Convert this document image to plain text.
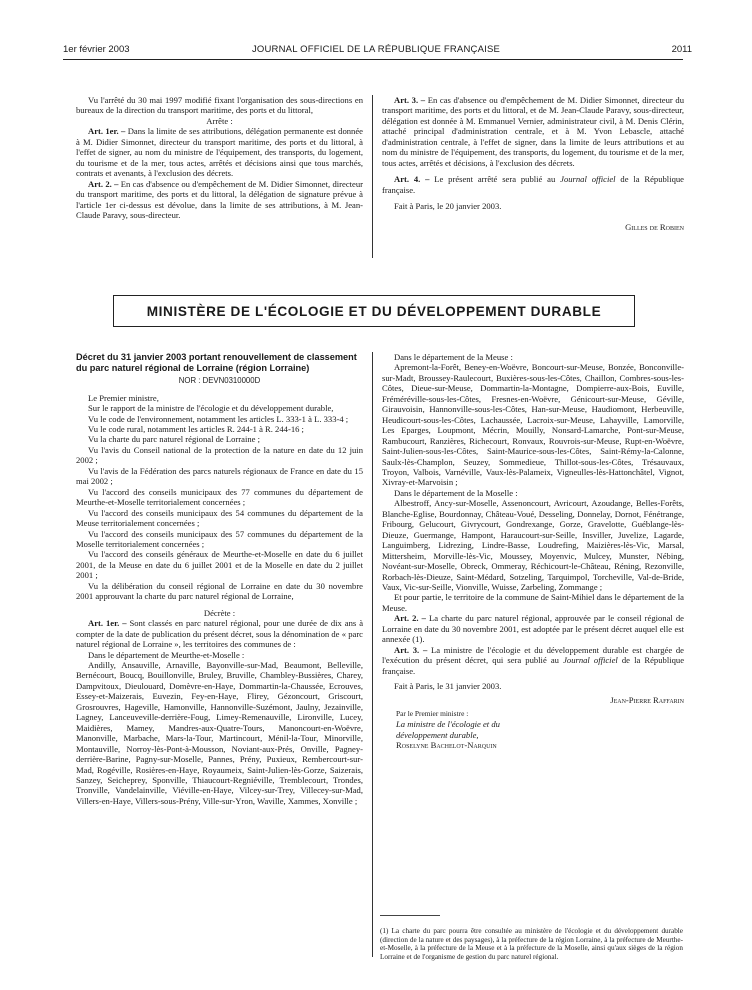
1er février 2003	JOURNAL OFFICIEL DE LA RÉPUBLIQUE FRANÇAISE	2011

Vu l'arrêté du 30 mai 1997 modifié fixant l'organisation des sous-directions en bureaux de la direction du transport maritime, des ports et du littoral,

Arrête :

Art. 1er. – Dans la limite de ses attributions, délégation permanente est donnée à M. Didier Simonnet, directeur du transport maritime, des ports et du littoral, à l'effet de signer, au nom du ministre de l'équipement, des transports, du logement, du tourisme et de la mer, tous actes, arrêtés et décisions ainsi que tous marchés, contrats et avenants, à l'exclusion des décrets.

Art. 2. – En cas d'absence ou d'empêchement de M. Didier Simonnet, directeur du transport maritime, des ports et du littoral, la délégation de signature prévue à l'article 1er ci-dessus est dévolue, dans la limite de ses attributions, à M. Jean-Claude Paravy, sous-directeur.

Art. 3. – En cas d'absence ou d'empêchement de M. Didier Simonnet, directeur du transport maritime, des ports et du littoral, et de M. Jean-Claude Paravy, sous-directeur, délégation est donnée à M. Emmanuel Vernier, administrateur civil, à M. Denis Clérin, attaché principal d'administration centrale, et à M. Yvon Lebascle, attaché d'administration centrale, à l'effet de signer, dans la limite de leurs attributions et au nom du ministre de l'équipement, des transports, du logement, du tourisme et de la mer, tous actes, arrêtés et décisions, à l'exclusion des décrets.

Art. 4. – Le présent arrêté sera publié au Journal officiel de la République française.

Fait à Paris, le 20 janvier 2003.

Gilles de Robien

MINISTÈRE DE L'ÉCOLOGIE ET DU DÉVELOPPEMENT DURABLE

Décret du 31 janvier 2003 portant renouvellement de classement du parc naturel régional de Lorraine (région Lorraine)

NOR : DEVN0310000D

Le Premier ministre,

Sur le rapport de la ministre de l'écologie et du développement durable,

Vu le code de l'environnement, notamment les articles L. 333-1 à L. 333-4 ;

Vu le code rural, notamment les articles R. 244-1 à R. 244-16 ;

Vu la charte du parc naturel régional de Lorraine ;

Vu l'avis du Conseil national de la protection de la nature en date du 12 juin 2002 ;

Vu l'avis de la Fédération des parcs naturels régionaux de France en date du 15 mai 2002 ;

Vu l'accord des conseils municipaux des 77 communes du département de Meurthe-et-Moselle territorialement concernées ;

Vu l'accord des conseils municipaux des 54 communes du département de la Meuse territorialement concernées ;

Vu l'accord des conseils municipaux des 57 communes du département de la Moselle territorialement concernées ;

Vu l'accord des conseils généraux de Meurthe-et-Moselle en date du 6 juillet 2001, de la Meuse en date du 6 juillet 2001 et de la Moselle en date du 2 juillet 2001 ;

Vu la délibération du conseil régional de Lorraine en date du 30 novembre 2001 approuvant la charte du parc naturel régional de Lorraine,

Décrète :

Art. 1er. – Sont classés en parc naturel régional, pour une durée de dix ans à compter de la date de publication du présent décret, sous la dénomination de « parc naturel régional de Lorraine », les territoires des communes de :

Dans le département de Meurthe-et-Moselle :

Andilly, Ansauville, Arnaville, Bayonville-sur-Mad, Beaumont, Belleville, Bernécourt, Boucq, Bouillonville, Bruley, Bruville, Chambley-Bussières, Charey, Dampvitoux, Dieulouard, Domèvre-en-Haye, Dommartin-la-Chaussée, Ecrouves, Essey-et-Maizerais, Euvezin, Fey-en-Haye, Flirey, Gézoncourt, Griscourt, Grosrouvres, Hageville, Hamonville, Hannonville-Suzémont, Jaulny, Jezainville, Lagney, Lanceuveville-derrière-Foug, Limey-Remenauville, Lironville, Lucey, Maidières, Mamey, Mandres-aux-Quatre-Tours, Manoncourt-en-Woëvre, Manonville, Marbache, Mars-la-Tour, Martincourt, Ménil-la-Tour, Minorville, Montauville, Norroy-lès-Pont-à-Mousson, Noviant-aux-Prés, Onville, Pagney-derrière-Barine, Pagny-sur-Moselle, Pannes, Prény, Puxieux, Rembercourt-sur-Mad, Rogéville, Rosières-en-Haye, Royaumeix, Saint-Julien-lès-Gorze, Saizerais, Sanzey, Seicheprey, Sponville, Thiaucourt-Regniéville, Tremblecourt, Trondes, Tronville, Vandelainville, Viéville-en-Haye, Vilcey-sur-Trey, Villecey-sur-Mad, Villers-en-Haye, Villers-sous-Prény, Ville-sur-Yron, Waville, Xammes, Xonville ;

Dans le département de la Meuse :

Apremont-la-Forêt, Beney-en-Woëvre, Boncourt-sur-Meuse, Bonzée, Bonconville-sur-Madt, Broussey-Raulecourt, Buxières-sous-les-Côtes, Chaillon, Combres-sous-les-Côtes, Dieue-sur-Meuse, Dommartin-la-Montagne, Dompierre-aux-Bois, Euville, Fréméréville-sous-les-Côtes, Fresnes-en-Woëvre, Génicourt-sur-Meuse, Géville, Girauvoisin, Hannonville-sous-les-Côtes, Han-sur-Meuse, Haudiomont, Herbeuville, Heudicourt-sous-les-Côtes, Lachaussée, Lacroix-sur-Meuse, Lahayville, Lamorville, Les Eparges, Loupmont, Mécrin, Mouilly, Nonsard-Lamarche, Pont-sur-Meuse, Rambucourt, Ranzières, Richecourt, Ronvaux, Rouvrois-sur-Meuse, Rupt-en-Woëvre, Saint-Julien-sous-les-Côtes, Saint-Maurice-sous-les-Côtes, Saint-Rémy-la-Calonne, Saulx-lès-Champlon, Seuzey, Sommedieue, Thillot-sous-les-Côtes, Trésauvaux, Troyon, Valbois, Varnéville, Vaux-lès-Palameix, Vigneulles-lès-Hattonchâtel, Vignot, Xivray-et-Marvoisin ;

Dans le département de la Moselle :

Albestroff, Ancy-sur-Moselle, Assenoncourt, Avricourt, Azoudange, Belles-Forêts, Blanche-Eglise, Bourdonnay, Château-Voué, Desseling, Donnelay, Dornot, Fénétrange, Fribourg, Gelucourt, Givrycourt, Gondrexange, Gorze, Gravelotte, Guéblange-lès-Dieuze, Guermange, Hampont, Haraucourt-sur-Seille, Insviller, Juvelize, Lagarde, Languimberg, Lidrezing, Lindre-Basse, Loudrefing, Maizières-lès-Vic, Marsal, Mittersheim, Morville-lès-Vic, Moussey, Moyenvic, Mulcey, Munster, Nébing, Novéant-sur-Moselle, Obreck, Ommeray, Réchicourt-le-Château, Réning, Rezonville, Rorbach-lès-Dieuze, Saint-Médard, Sotzeling, Tarquimpol, Torcheville, Val-de-Bride, Vaux, Vic-sur-Seille, Vionville, Wuisse, Zarbeling, Zommange ;

Et pour partie, le territoire de la commune de Saint-Mihiel dans le département de la Meuse.

Art. 2. – La charte du parc naturel régional, approuvée par le conseil régional de Lorraine en date du 30 novembre 2001, est adoptée par le présent décret auquel elle est annexée (1).

Art. 3. – La ministre de l'écologie et du développement durable est chargée de l'exécution du présent décret, qui sera publié au Journal officiel de la République française.

Fait à Paris, le 31 janvier 2003.

Jean-Pierre Raffarin

Par le Premier ministre :

La ministre de l'écologie et du développement durable,

Roselyne Bachelot-Narquin

(1) La charte du parc pourra être consultée au ministère de l'écologie et du développement durable (direction de la nature et des paysages), à la préfecture de la région Lorraine, à la préfecture de Meurthe-et-Moselle, à la préfecture de la Meuse et à la préfecture de la Moselle, ainsi qu'aux sièges de la région Lorraine et de l'organisme de gestion du parc naturel régional.
